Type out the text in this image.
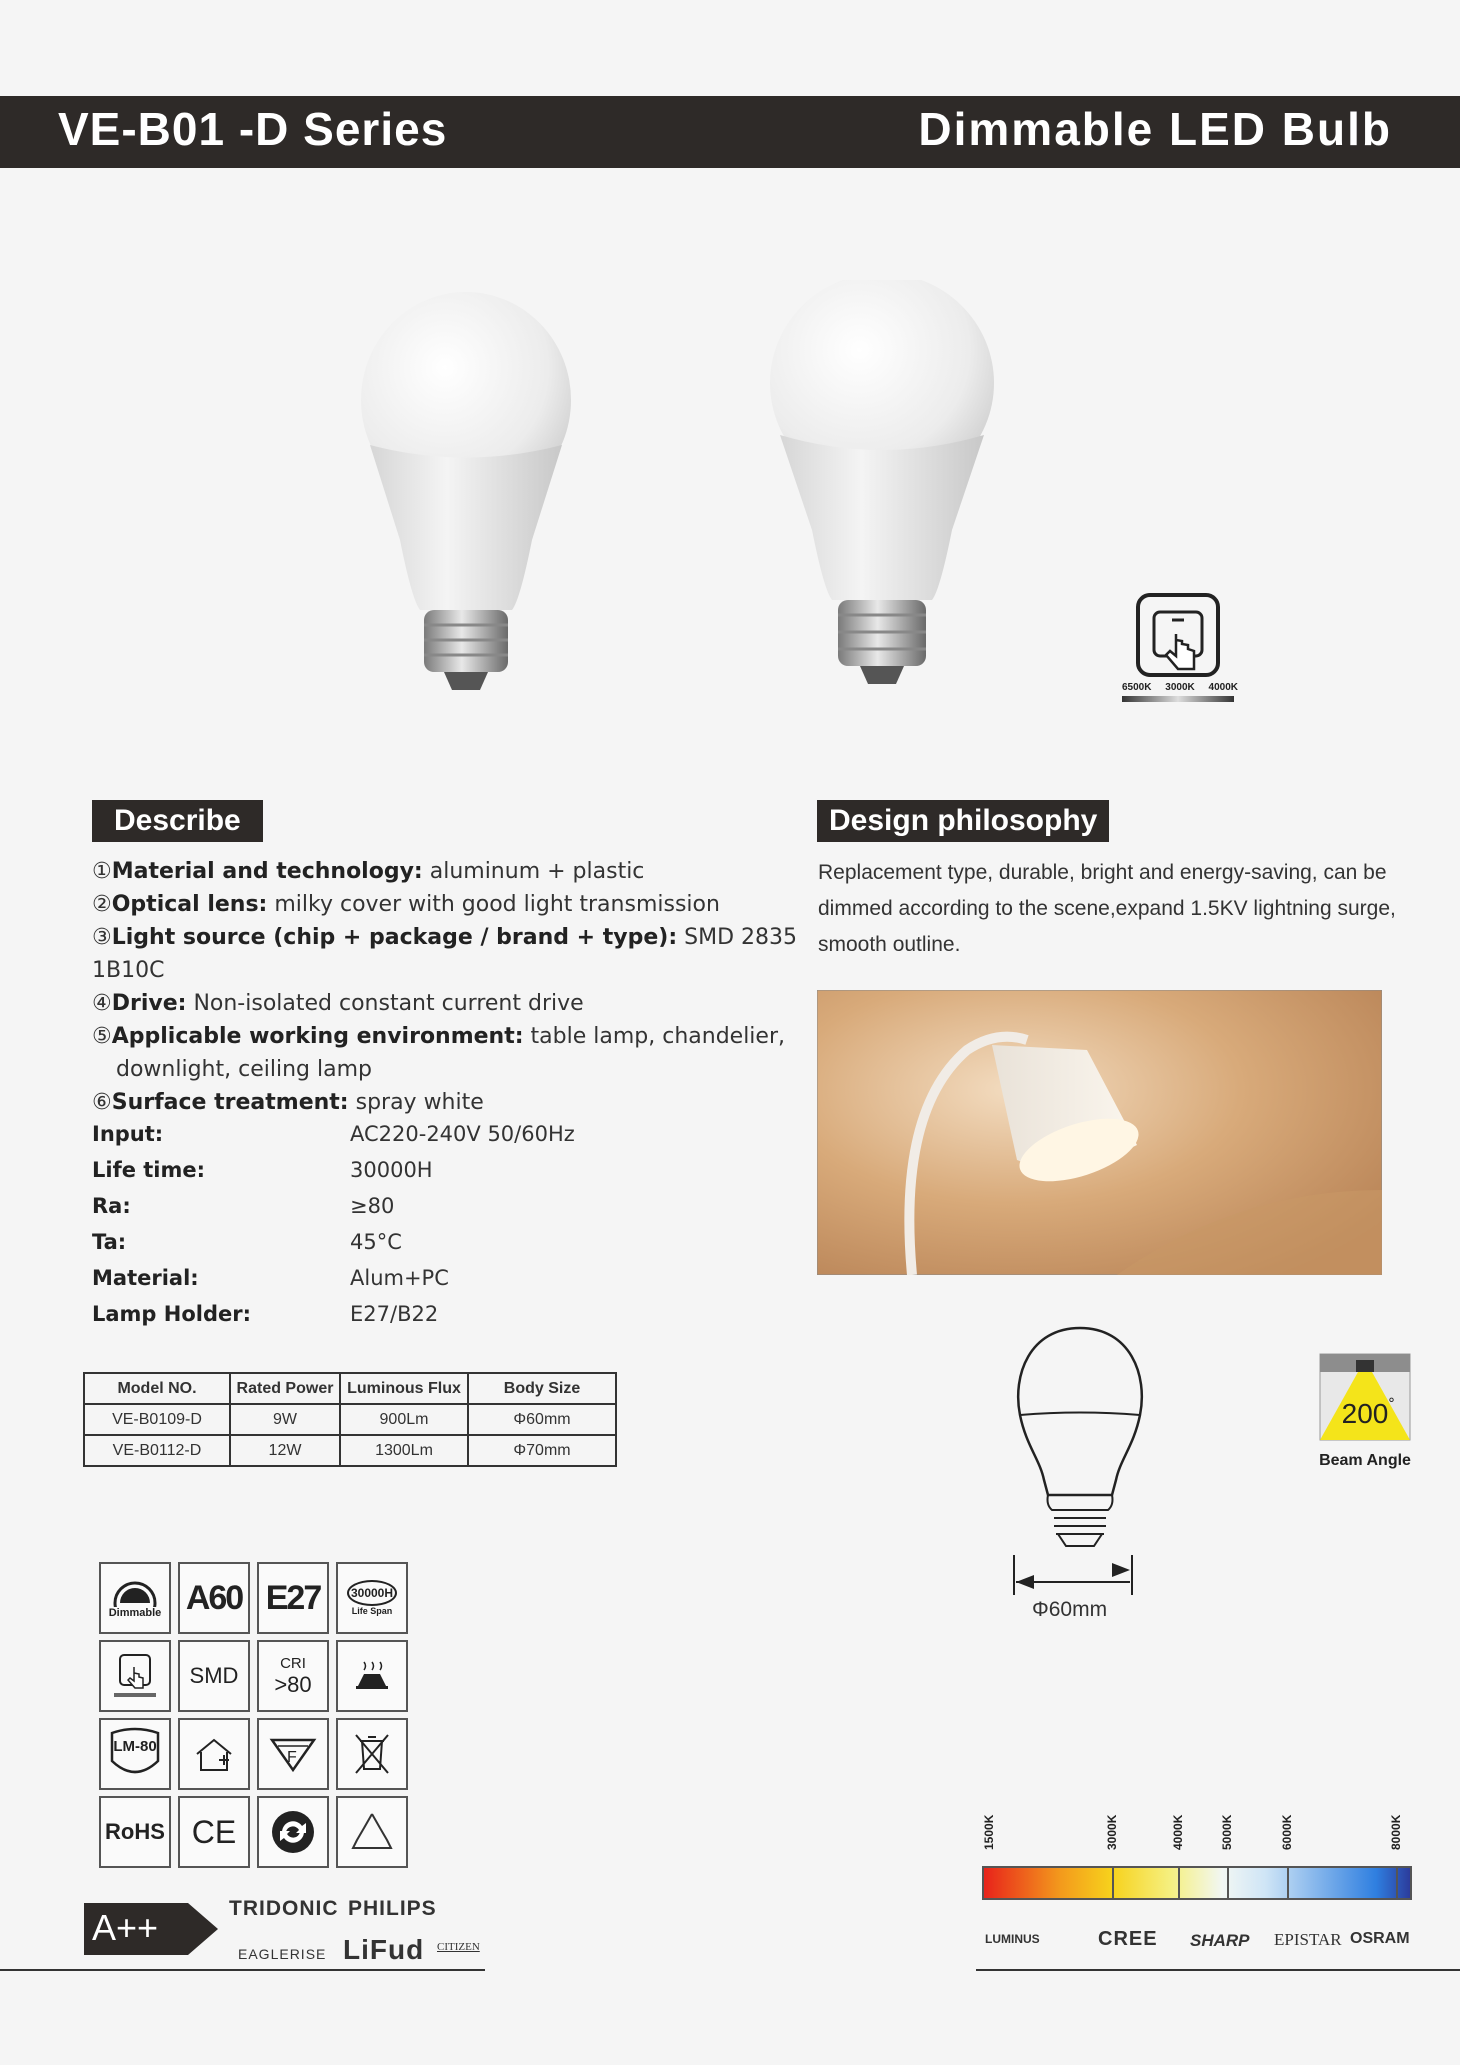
VE-B01 -D Series	Dimmable LED Bulb
6500K 3000K 4000K
Describe
①Material and technology: aluminum + plastic
②Optical lens: milky cover with good light transmission
③Light source (chip + package / brand + type): SMD 2835 1B10C
④Drive: Non-isolated constant current drive
⑤Applicable working environment: table lamp, chandelier,
downlight, ceiling lamp
⑥Surface treatment: spray white
Design philosophy
Replacement type, durable, bright and energy-saving, can be dimmed according to the scene,expand 1.5KV lightning surge, smooth outline.
Input:	AC220-240V 50/60Hz
Life time:	30000H
Ra:	≥80
Ta:	45°C
Material:	Alum+PC
Lamp Holder:	E27/B22
Model NO.	Rated Power	Luminous Flux	Body Size
VE-B0109-D	9W	900Lm	Φ60mm
VE-B0112-D	12W	1300Lm	Φ70mm
Φ60mm
200 °
Beam Angle
Dimmable A60 E27	30000H
Life Span
SMD	CRI
>80
LM-80
F
RoHS CE
A++	TRIDONIC PHILIPS
EAGLERISE LiFud CITIZEN
1500K	3000K	4000K	5000K	6000K	8000K
LUMINUS	CREE SHARP EPISTAR OSRAM
